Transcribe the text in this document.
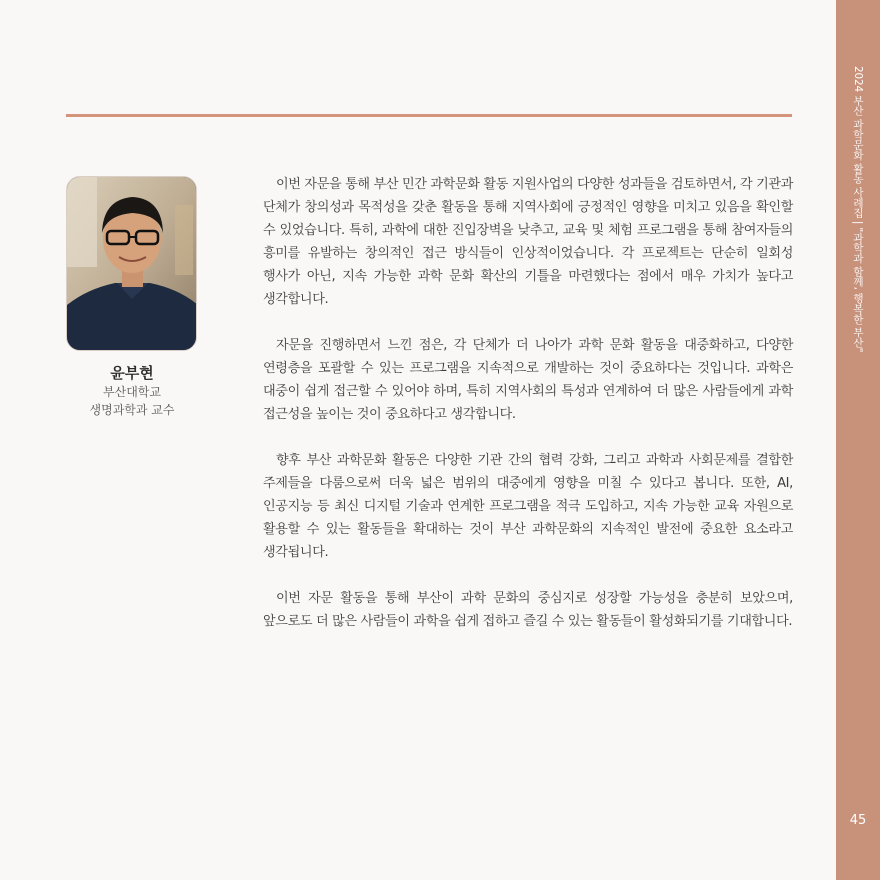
2024 부산 과학문화 활동 사례집 | "과학과 함께, 행복한 부산"
45
윤부현
부산대학교
생명과학과 교수

이번 자문을 통해 부산 민간 과학문화 활동 지원사업의 다양한 성과들을 검토하면서, 각 기관과 단체가 창의성과 목적성을 갖춘 활동을 통해 지역사회에 긍정적인 영향을 미치고 있음을 확인할 수 있었습니다. 특히, 과학에 대한 진입장벽을 낮추고, 교육 및 체험 프로그램을 통해 참여자들의 흥미를 유발하는 창의적인 접근 방식들이 인상적이었습니다. 각 프로젝트는 단순히 일회성 행사가 아닌, 지속 가능한 과학 문화 확산의 기틀을 마련했다는 점에서 매우 가치가 높다고 생각합니다.

자문을 진행하면서 느낀 점은, 각 단체가 더 나아가 과학 문화 활동을 대중화하고, 다양한 연령층을 포괄할 수 있는 프로그램을 지속적으로 개발하는 것이 중요하다는 것입니다. 과학은 대중이 쉽게 접근할 수 있어야 하며, 특히 지역사회의 특성과 연계하여 더 많은 사람들에게 과학 접근성을 높이는 것이 중요하다고 생각합니다.

향후 부산 과학문화 활동은 다양한 기관 간의 협력 강화, 그리고 과학과 사회문제를 결합한 주제들을 다룸으로써 더욱 넓은 범위의 대중에게 영향을 미칠 수 있다고 봅니다. 또한, AI, 인공지능 등 최신 디지털 기술과 연계한 프로그램을 적극 도입하고, 지속 가능한 교육 자원으로 활용할 수 있는 활동들을 확대하는 것이 부산 과학문화의 지속적인 발전에 중요한 요소라고 생각됩니다.

이번 자문 활동을 통해 부산이 과학 문화의 중심지로 성장할 가능성을 충분히 보았으며, 앞으로도 더 많은 사람들이 과학을 쉽게 접하고 즐길 수 있는 활동들이 활성화되기를 기대합니다.
